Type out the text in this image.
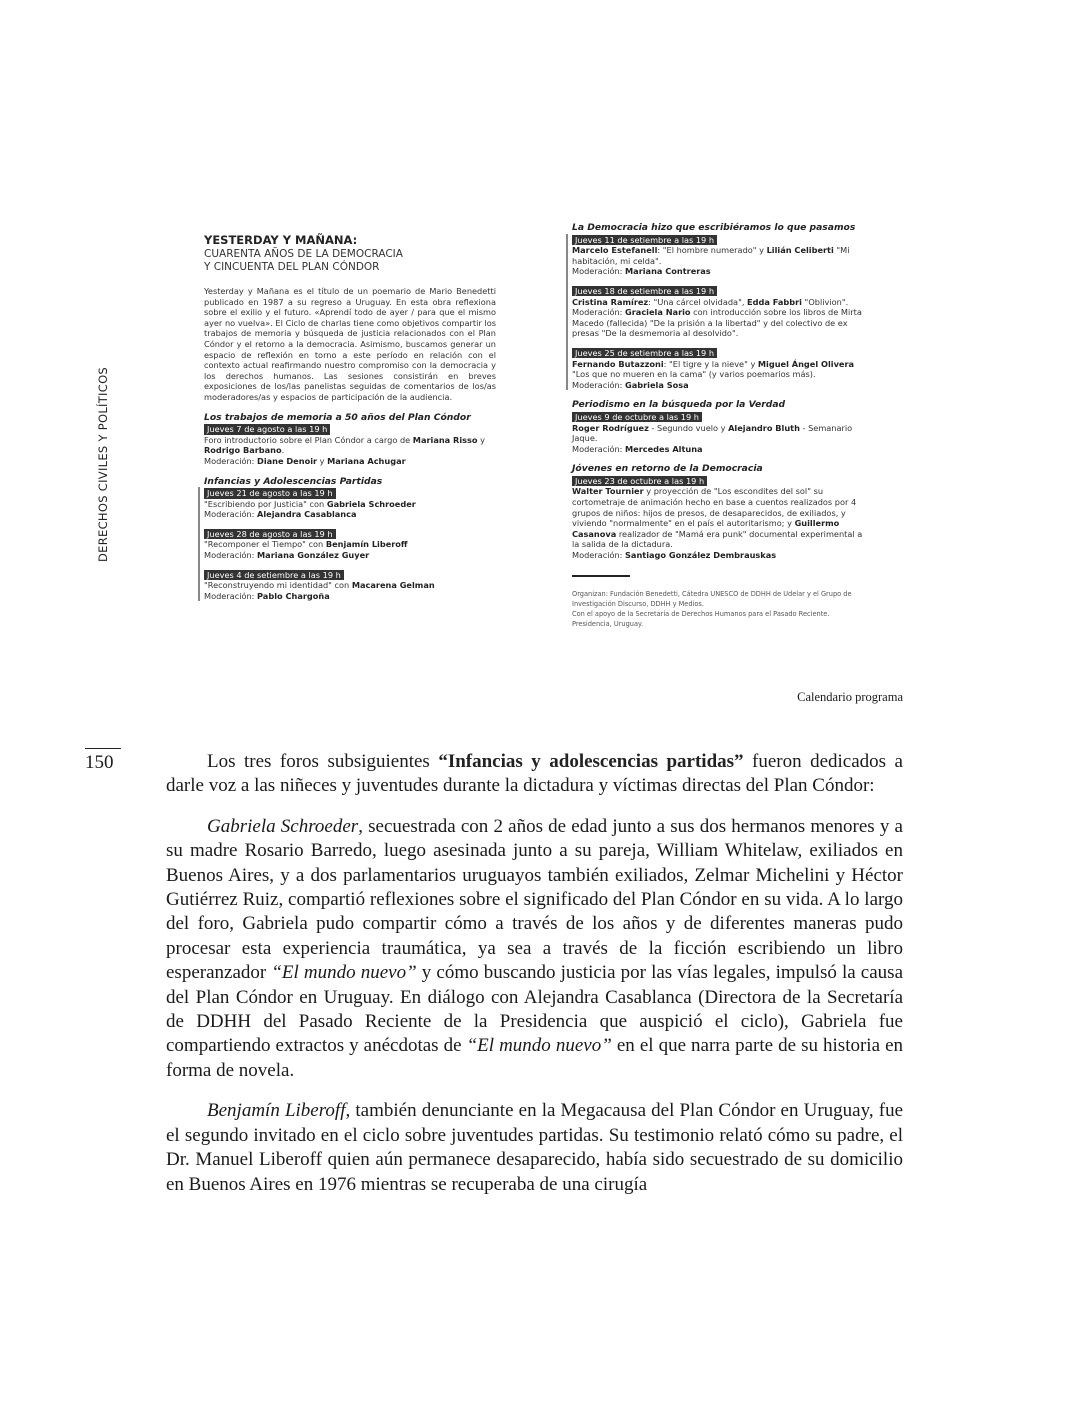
DERECHOS CIVILES Y POLÍTICOS
YESTERDAY Y MAÑANA:
CUARENTA AÑOS DE LA DEMOCRACIA
Y CINCUENTA DEL PLAN CÓNDOR
Yesterday y Mañana es el título de un poemario de Mario Benedetti publicado en 1987 a su regreso a Uruguay. En esta obra reflexiona sobre el exilio y el futuro. «Aprendí todo de ayer / para que el mismo ayer no vuelva». El Ciclo de charlas tiene como objetivos compartir los trabajos de memoria y búsqueda de justicia relacionados con el Plan Cóndor y el retorno a la democracia. Asimismo, buscamos generar un espacio de reflexión en torno a este período en relación con el contexto actual reafirmando nuestro compromiso con la democracia y los derechos humanos. Las sesiones consistirán en breves exposiciones de los/las panelistas seguidas de comentarios de los/as moderadores/as y espacios de participación de la audiencia.
Los trabajos de memoria a 50 años del Plan Cóndor
Jueves 7 de agosto a las 19 h
Foro introductorio sobre el Plan Cóndor a cargo de Mariana Risso y Rodrigo Barbano.
Moderación: Diane Denoir y Mariana Achugar
Infancias y Adolescencias Partidas
Jueves 21 de agosto a las 19 h
"Escribiendo por Justicia" con Gabriela Schroeder
Moderación: Alejandra Casablanca
Jueves 28 de agosto a las 19 h
"Recomponer el Tiempo" con Benjamín Liberoff
Moderación: Mariana González Guyer
Jueves 4 de setiembre a las 19 h
"Reconstruyendo mi identidad" con Macarena Gelman
Moderación: Pablo Chargoña
La Democracia hizo que escribiéramos lo que pasamos
Jueves 11 de setiembre a las 19 h
Marcelo Estefanell: "El hombre numerado" y Lilián Celiberti "Mi habitación, mi celda".
Moderación: Mariana Contreras
Jueves 18 de setiembre a las 19 h
Cristina Ramírez: "Una cárcel olvidada", Edda Fabbri "Oblivion".
Moderación: Graciela Nario con introducción sobre los libros de Mirta Macedo (fallecida) "De la prisión a la libertad" y del colectivo de ex presas "De la desmemoria al desolvido".
Jueves 25 de setiembre a las 19 h
Fernando Butazzoni: "El tigre y la nieve" y Miguel Ángel Olivera "Los que no mueren en la cama" (y varios poemarios más).
Moderación: Gabriela Sosa
Periodismo en la búsqueda por la Verdad
Jueves 9 de octubre a las 19 h
Roger Rodríguez - Segundo vuelo y Alejandro Bluth - Semanario Jaque.
Moderación: Mercedes Altuna
Jóvenes en retorno de la Democracia
Jueves 23 de octubre a las 19 h
Walter Tournier y proyección de "Los escondites del sol" su cortometraje de animación hecho en base a cuentos realizados por 4 grupos de niños: hijos de presos, de desaparecidos, de exiliados, y viviendo "normalmente" en el país el autoritarismo; y Guillermo Casanova realizador de "Mamá era punk" documental experimental a la salida de la dictadura.
Moderación: Santiago González Dembrauskas
Organizan: Fundación Benedetti, Cátedra UNESCO de DDHH de Udelar y el Grupo de Investigación Discurso, DDHH y Medios.
Con el apoyo de la Secretaría de Derechos Humanos para el Pasado Reciente. Presidencia, Uruguay.
Calendario programa
150	Los tres foros subsiguientes “Infancias y adolescencias partidas” fueron dedicados a darle voz a las niñeces y juventudes durante la dictadura y víctimas directas del Plan Cóndor:

Gabriela Schroeder, secuestrada con 2 años de edad junto a sus dos hermanos menores y a su madre Rosario Barredo, luego asesinada junto a su pareja, William Whitelaw, exiliados en Buenos Aires, y a dos parlamentarios uruguayos también exiliados, Zelmar Michelini y Héctor Gutiérrez Ruiz, compartió reflexiones sobre el significado del Plan Cóndor en su vida. A lo largo del foro, Gabriela pudo compartir cómo a través de los años y de diferentes maneras pudo procesar esta experiencia traumática, ya sea a través de la ficción escribiendo un libro esperanzador “El mundo nuevo” y cómo buscando justicia por las vías legales, impulsó la causa del Plan Cóndor en Uruguay. En diálogo con Alejandra Casablanca (Directora de la Secretaría de DDHH del Pasado Reciente de la Presidencia que auspició el ciclo), Gabriela fue compartiendo extractos y anécdotas de “El mundo nuevo” en el que narra parte de su historia en forma de novela.

Benjamín Liberoff, también denunciante en la Megacausa del Plan Cóndor en Uruguay, fue el segundo invitado en el ciclo sobre juventudes partidas. Su testimonio relató cómo su padre, el Dr. Manuel Liberoff quien aún permanece desaparecido, había sido secuestrado de su domicilio en Buenos Aires en 1976 mientras se recuperaba de una cirugía
